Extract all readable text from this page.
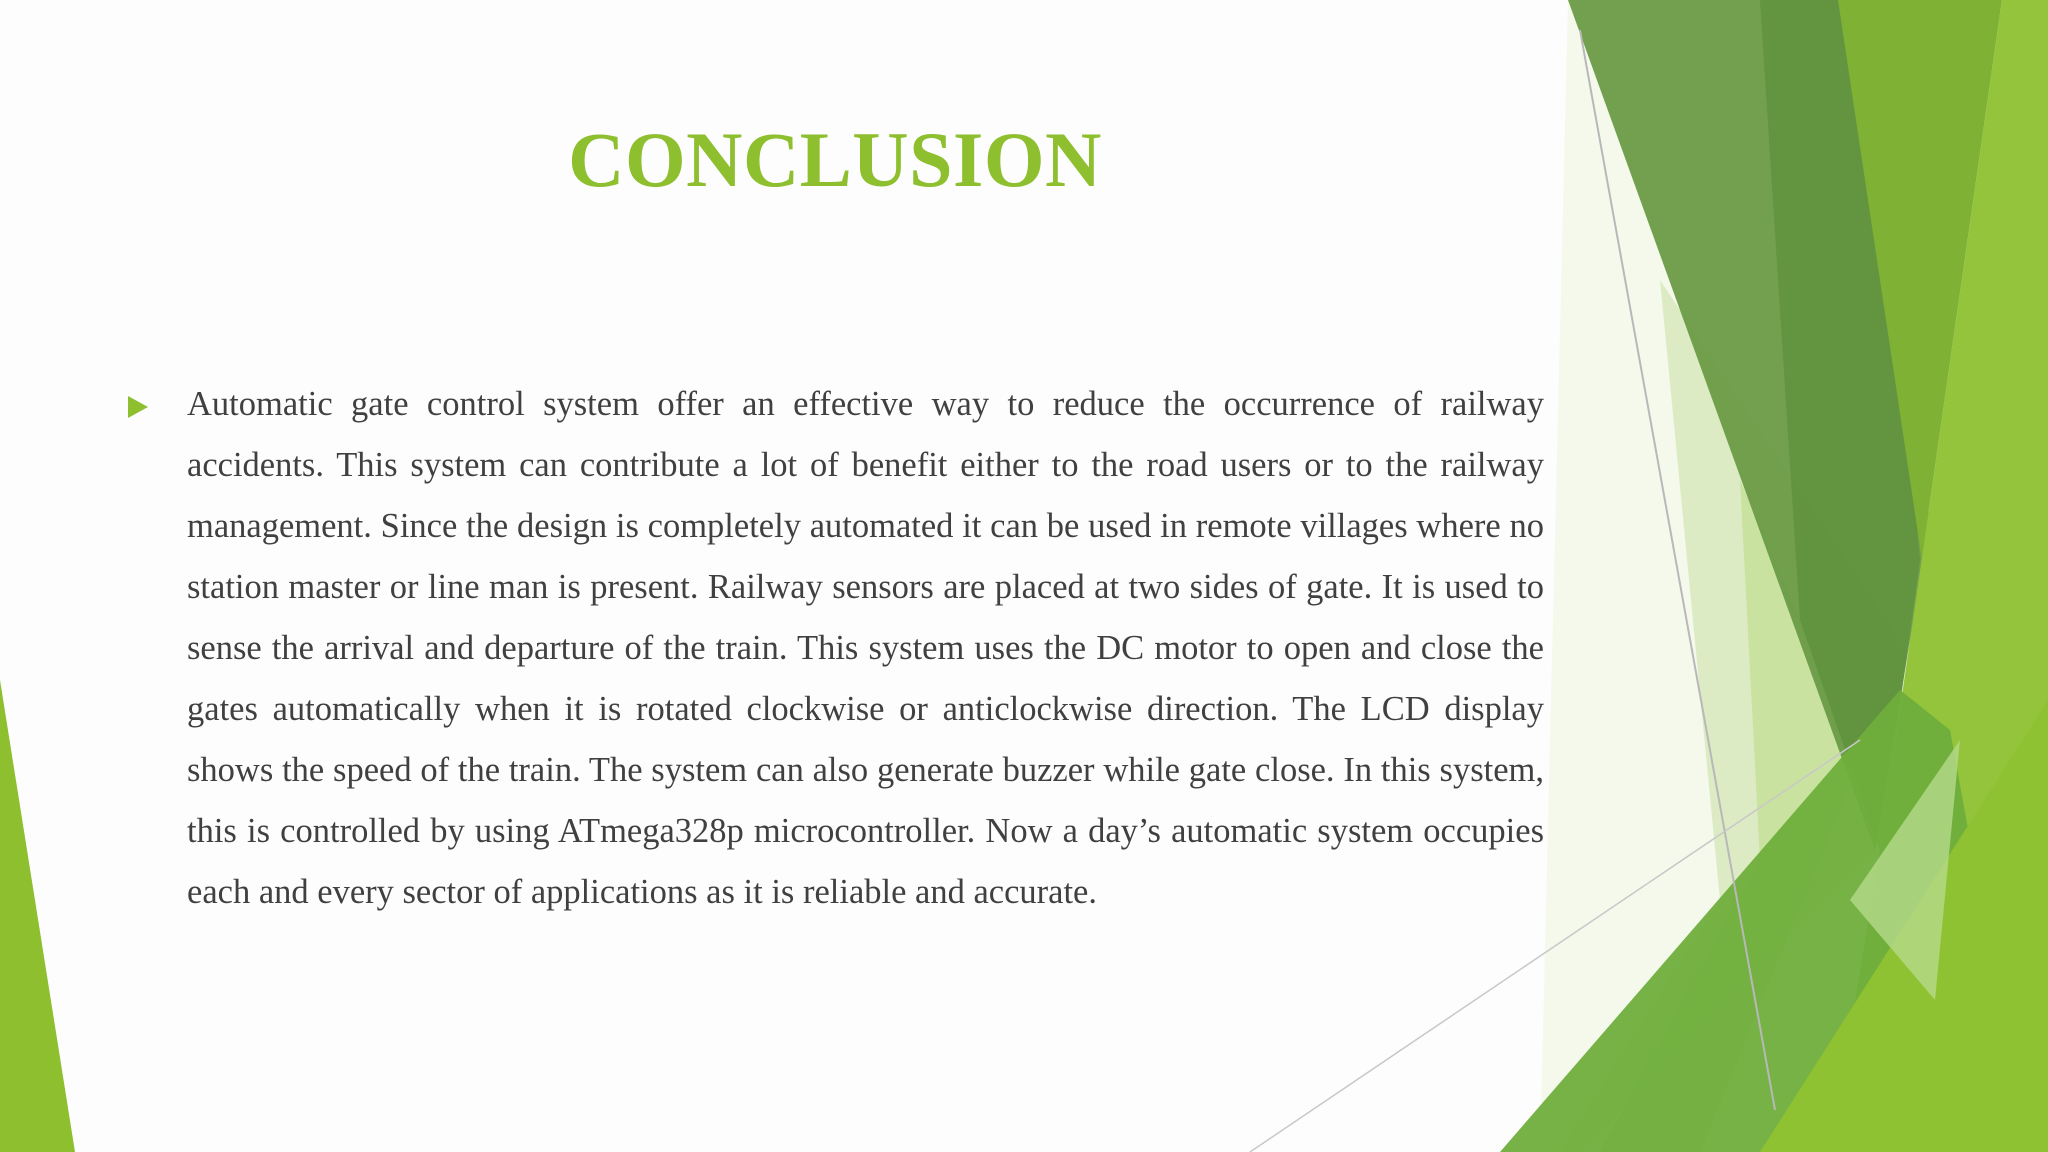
CONCLUSION

Automatic gate control system offer an effective way to reduce the occurrence of railway accidents. This system can contribute a lot of benefit either to the road users or to the railway management. Since the design is completely automated it can be used in remote villages where no station master or line man is present. Railway sensors are placed at two sides of gate. It is used to sense the arrival and departure of the train. This system uses the DC motor to open and close the gates automatically when it is rotated clockwise or anticlockwise direction. The LCD display shows the speed of the train. The system can also generate buzzer while gate close. In this system, this is controlled by using ATmega328p microcontroller. Now a day’s automatic system occupies each and every sector of applications as it is reliable and accurate.
